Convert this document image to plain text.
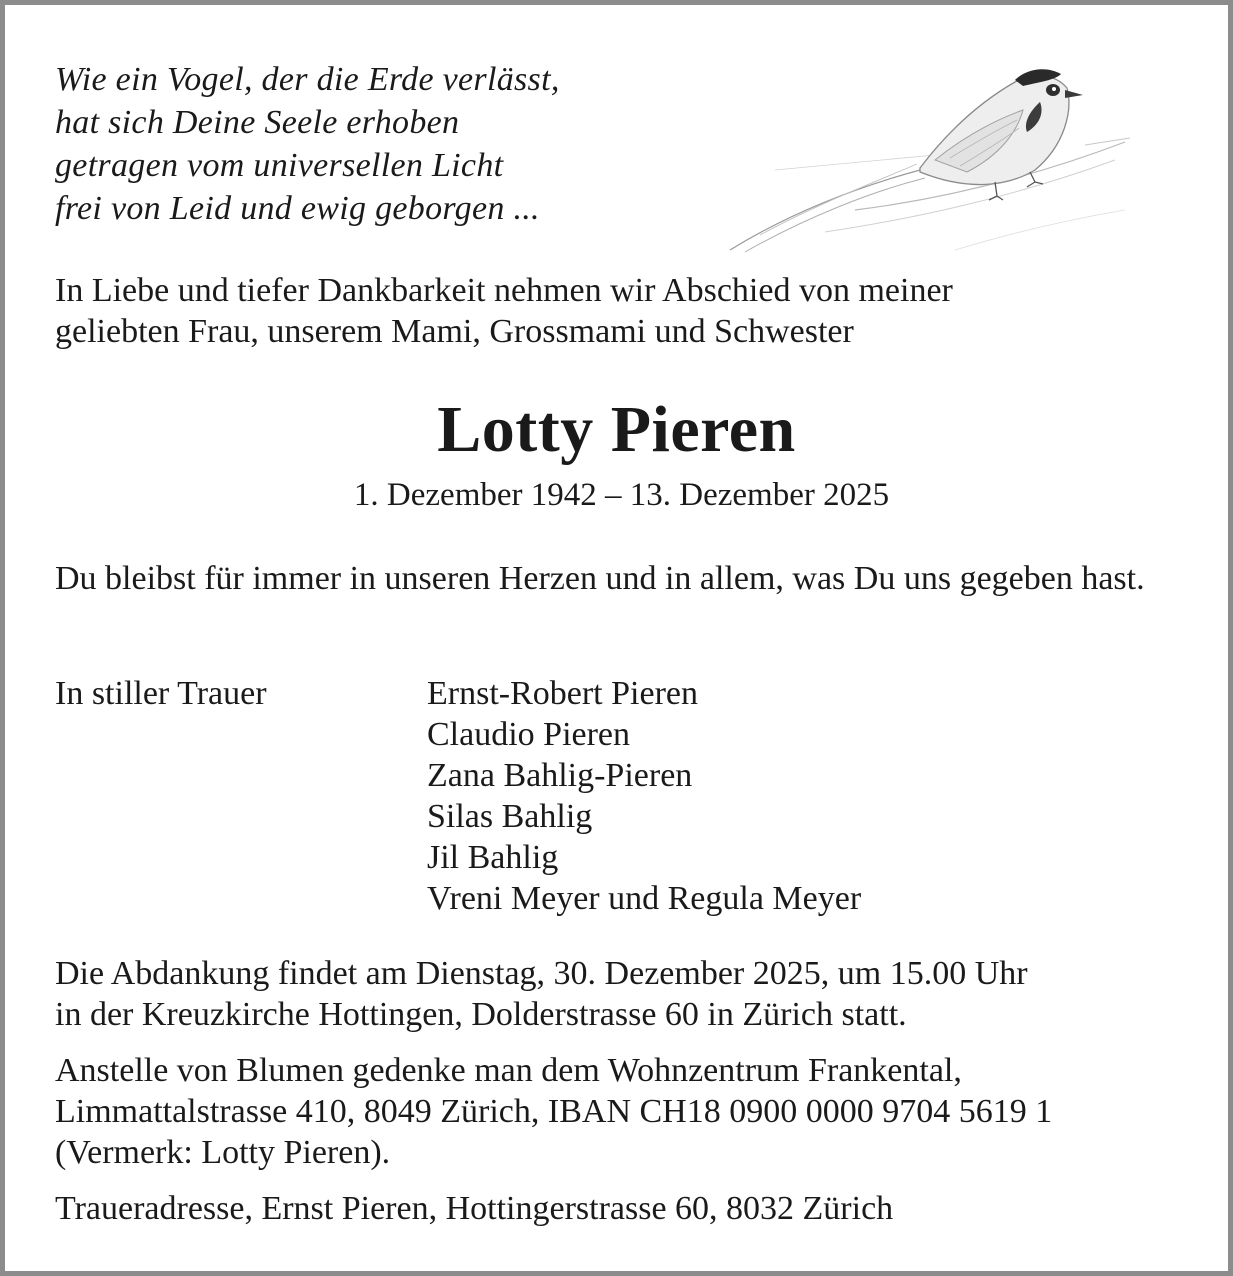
Wie ein Vogel, der die Erde verlässt,
hat sich Deine Seele erhoben
getragen vom universellen Licht
frei von Leid und ewig geborgen ...
In Liebe und tiefer Dankbarkeit nehmen wir Abschied von meiner
geliebten Frau, unserem Mami, Grossmami und Schwester
Lotty Pieren
1. Dezember 1942 – 13. Dezember 2025
Du bleibst für immer in unseren Herzen und in allem, was Du uns gegeben hast.
In stiller Trauer	Ernst-Robert Pieren
Claudio Pieren
Zana Bahlig-Pieren
Silas Bahlig
Jil Bahlig
Vreni Meyer und Regula Meyer
Die Abdankung findet am Dienstag, 30. Dezember 2025, um 15.00 Uhr
in der Kreuzkirche Hottingen, Dolderstrasse 60 in Zürich statt.
Anstelle von Blumen gedenke man dem Wohnzentrum Frankental,
Limmattalstrasse 410, 8049 Zürich, IBAN CH18 0900 0000 9704 5619 1
(Vermerk: Lotty Pieren).
Traueradresse, Ernst Pieren, Hottingerstrasse 60, 8032 Zürich
